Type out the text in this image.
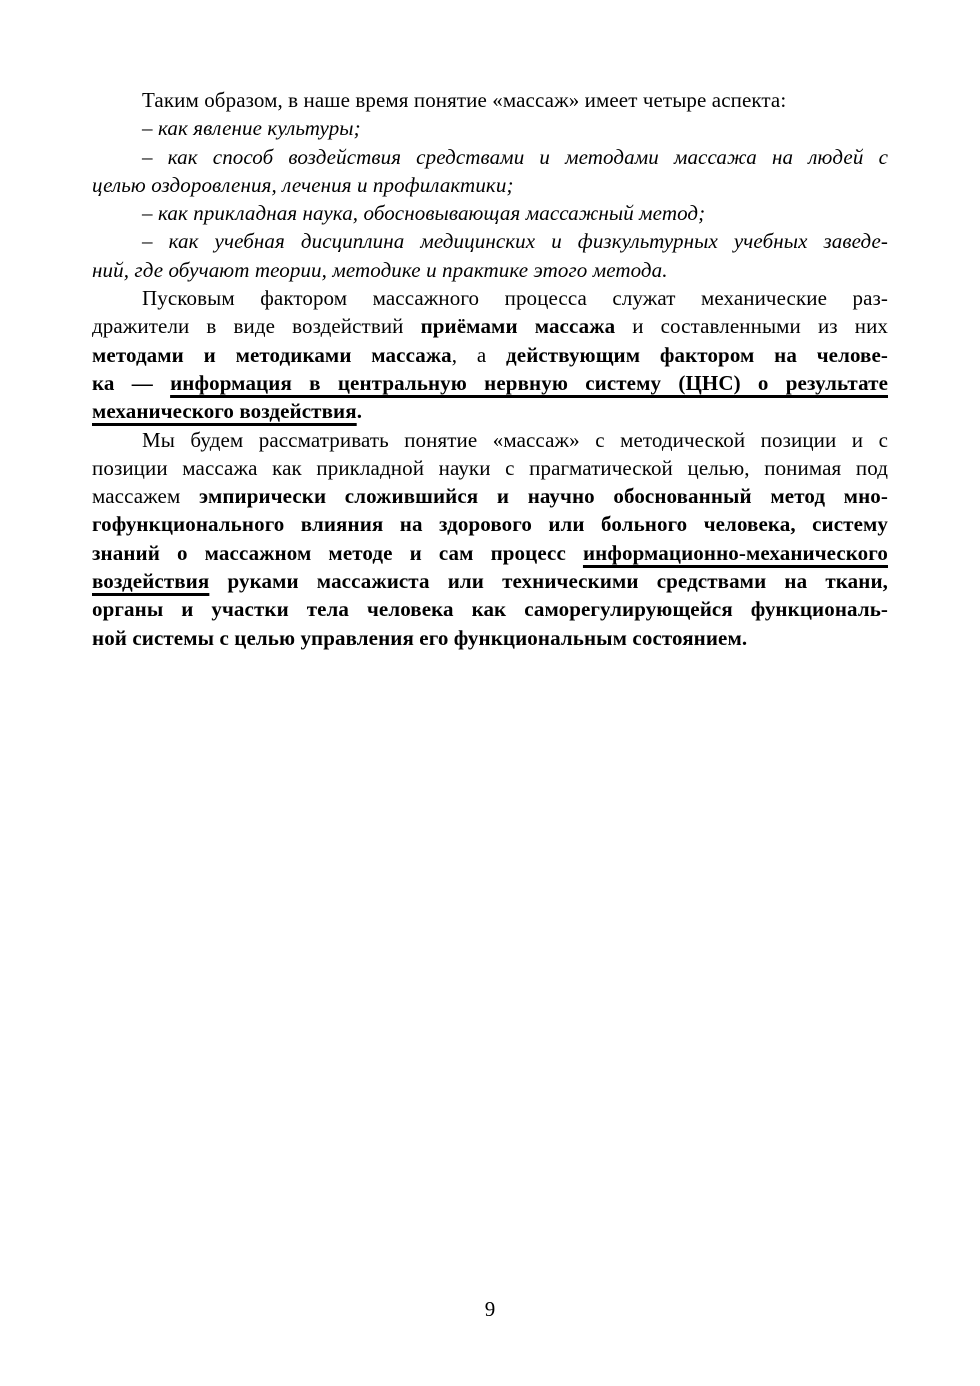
Таким образом, в наше время понятие «массаж» имеет четыре аспекта:
– как явление культуры;
– как способ воздействия средствами и методами массажа на людей с
целью оздоровления, лечения и профилактики;
– как прикладная наука, обосновывающая массажный метод;
– как учебная дисциплина медицинских и физкультурных учебных заведе-
ний, где обучают теории, методике и практике этого метода.
Пусковым фактором массажного процесса служат механические раз-
дражители в виде воздействий приёмами массажа и составленными из них
методами и методиками массажа, а действующим фактором на челове-
ка — информация в центральную нервную систему (ЦНС) о результате
механического воздействия.
Мы будем рассматривать понятие «массаж» с методической позиции и с
позиции массажа как прикладной науки с прагматической целью, понимая под
массажем эмпирически сложившийся и научно обоснованный метод мно-
гофункционального влияния на здорового или больного человека, систему
знаний о массажном методе и сам процесс информационно-механического
воздействия руками массажиста или техническими средствами на ткани,
органы и участки тела человека как саморегулирующейся функциональ-
ной системы с целью управления его функциональным состоянием.
9
